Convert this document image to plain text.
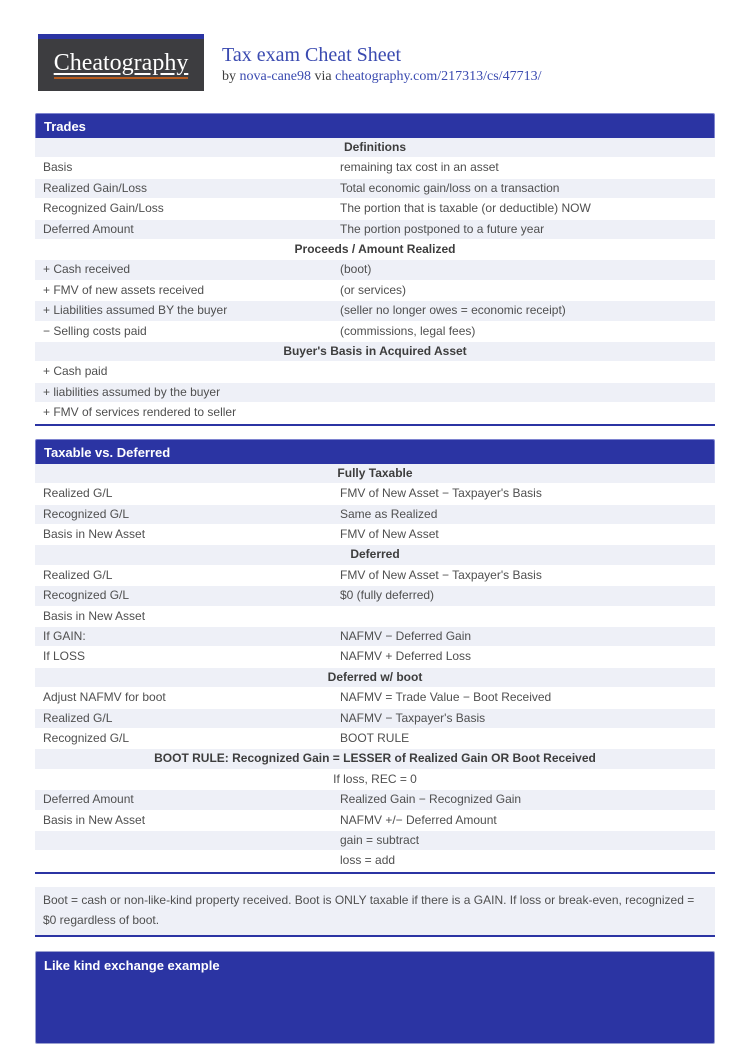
Cheatography Tax exam Cheat Sheet
by nova-cane98 via cheatography.com/217313/cs/47713/
Trades
Definitions
Basis	remaining tax cost in an asset
Realized Gain/Loss	Total economic gain/loss on a transaction
Recognized Gain/Loss	The portion that is taxable (or deductible) NOW
Deferred Amount	The portion postponed to a future year
Proceeds / Amount Realized
+ Cash received	(boot)
+ FMV of new assets received	(or services)
+ Liabilities assumed BY the buyer	(seller no longer owes = economic receipt)
− Selling costs paid	(commissions, legal fees)
Buyer's Basis in Acquired Asset
+ Cash paid
+ liabilities assumed by the buyer
+ FMV of services rendered to seller
Taxable vs. Deferred
Fully Taxable
Realized G/L	FMV of New Asset − Taxpayer's Basis
Recognized G/L	Same as Realized
Basis in New Asset	FMV of New Asset
Deferred
Realized G/L	FMV of New Asset − Taxpayer's Basis
Recognized G/L	$0 (fully deferred)
Basis in New Asset
If GAIN:	NAFMV − Deferred Gain
If LOSS	NAFMV + Deferred Loss
Deferred w/ boot
Adjust NAFMV for boot	NAFMV = Trade Value − Boot Received
Realized G/L	NAFMV − Taxpayer's Basis
Recognized G/L	BOOT RULE
BOOT RULE: Recognized Gain = LESSER of Realized Gain OR Boot Received
If loss, REC = 0
Deferred Amount	Realized Gain − Recognized Gain
Basis in New Asset	NAFMV +/− Deferred Amount
gain = subtract
loss = add
Boot = cash or non-like-kind property received. Boot is ONLY taxable if there is a GAIN. If loss or break-even, recognized = $0 regardless of boot.
Like kind exchange example
